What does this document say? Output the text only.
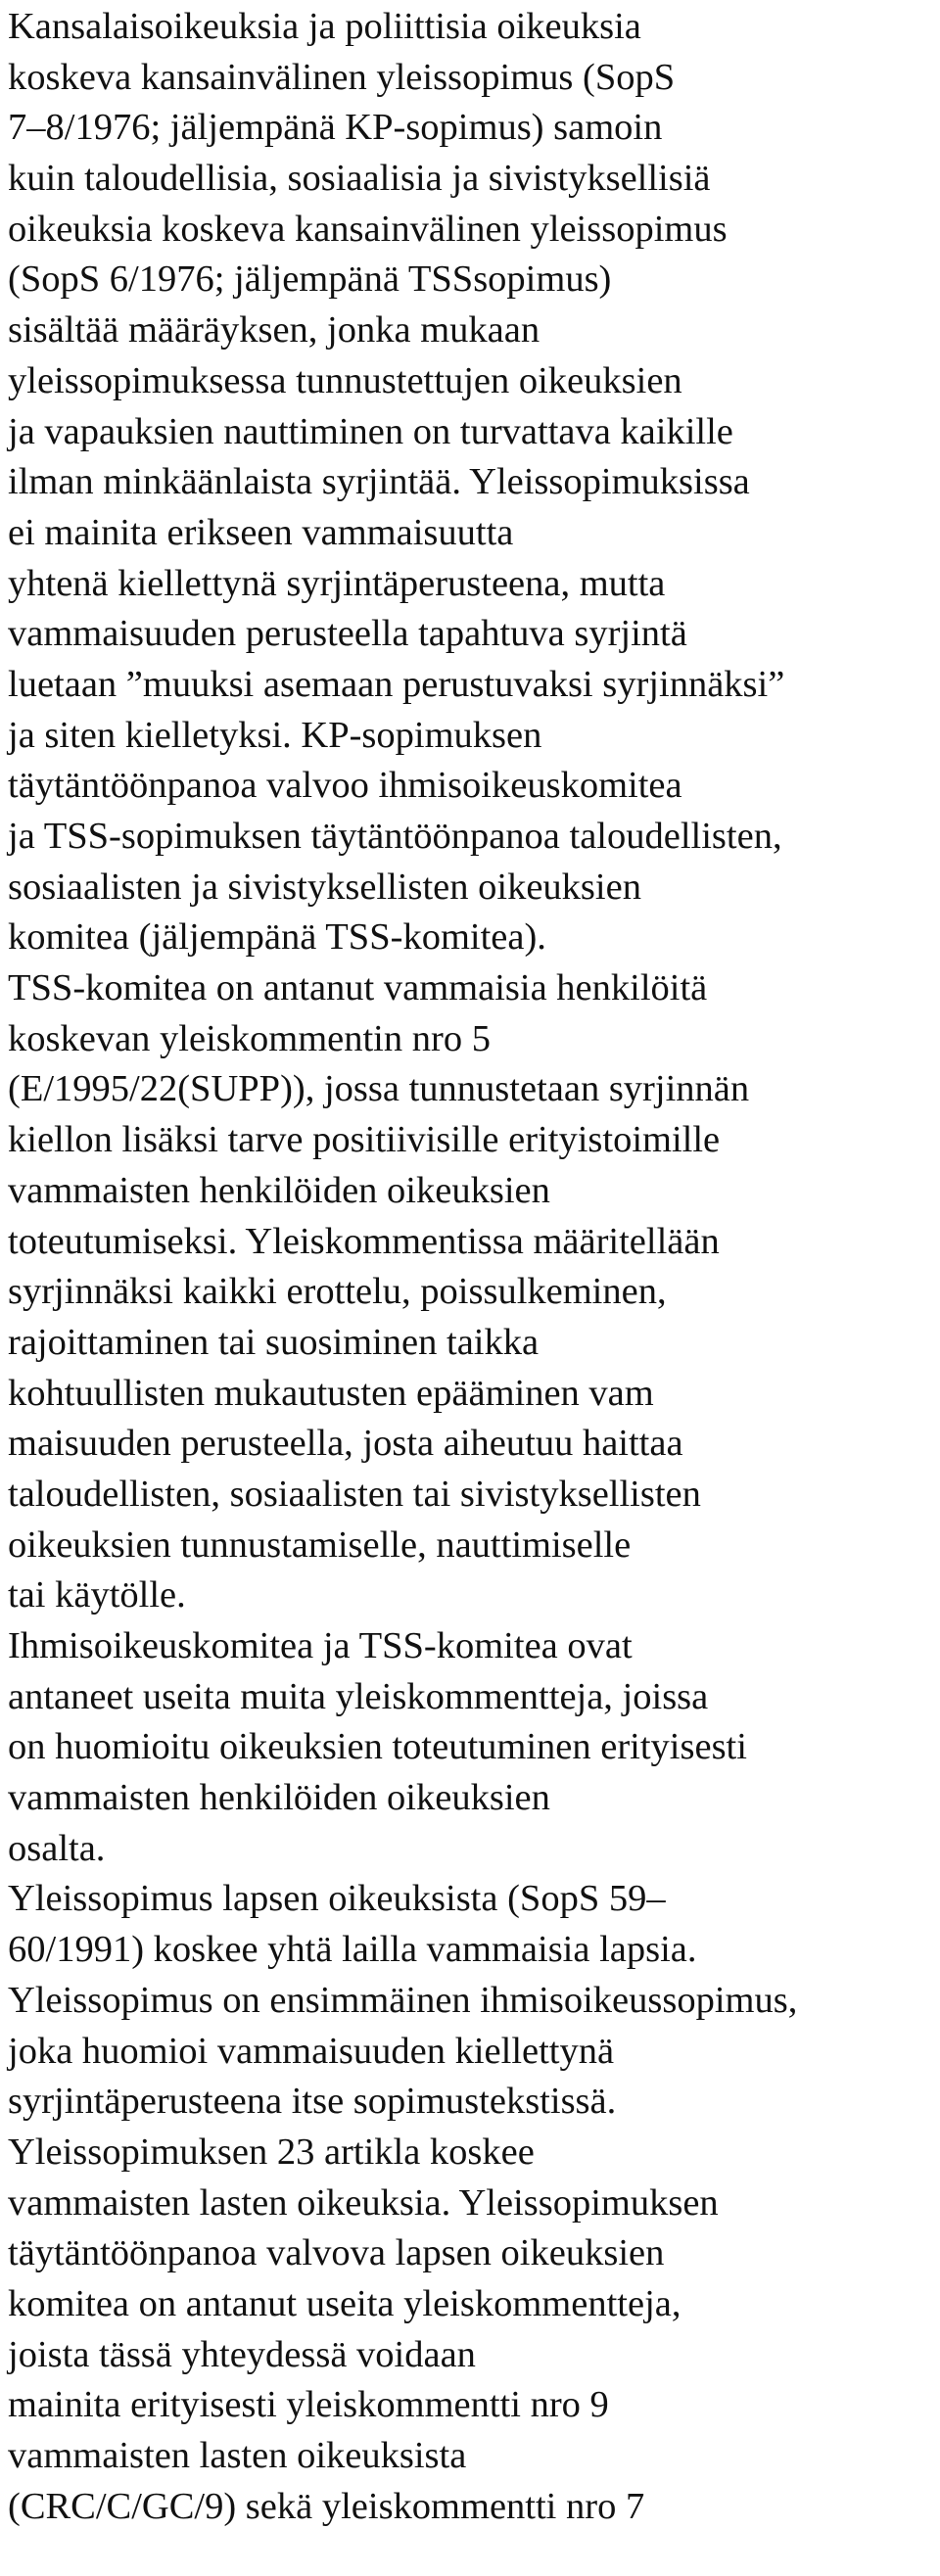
Kansalaisoikeuksia ja poliittisia oikeuksia
koskeva kansainvälinen yleissopimus (SopS
7–8/1976; jäljempänä KP-sopimus) samoin
kuin taloudellisia, sosiaalisia ja sivistyksellisiä
oikeuksia koskeva kansainvälinen yleissopimus
(SopS 6/1976; jäljempänä TSSsopimus)
sisältää määräyksen, jonka mukaan
yleissopimuksessa tunnustettujen oikeuksien
ja vapauksien nauttiminen on turvattava kaikille
ilman minkäänlaista syrjintää. Yleissopimuksissa
ei mainita erikseen vammaisuutta
yhtenä kiellettynä syrjintäperusteena, mutta
vammaisuuden perusteella tapahtuva syrjintä
luetaan ”muuksi asemaan perustuvaksi syrjinnäksi”
ja siten kielletyksi. KP-sopimuksen
täytäntöönpanoa valvoo ihmisoikeuskomitea
ja TSS-sopimuksen täytäntöönpanoa taloudellisten,
sosiaalisten ja sivistyksellisten oikeuksien
komitea (jäljempänä TSS-komitea).
TSS-komitea on antanut vammaisia henkilöitä
koskevan yleiskommentin nro 5
(E/1995/22(SUPP)), jossa tunnustetaan syrjinnän
kiellon lisäksi tarve positiivisille erityistoimille
vammaisten henkilöiden oikeuksien
toteutumiseksi. Yleiskommentissa määritellään
syrjinnäksi kaikki erottelu, poissulkeminen,
rajoittaminen tai suosiminen taikka
kohtuullisten mukautusten epääminen vam
maisuuden perusteella, josta aiheutuu haittaa
taloudellisten, sosiaalisten tai sivistyksellisten
oikeuksien tunnustamiselle, nauttimiselle
tai käytölle.
Ihmisoikeuskomitea ja TSS-komitea ovat
antaneet useita muita yleiskommentteja, joissa
on huomioitu oikeuksien toteutuminen erityisesti
vammaisten henkilöiden oikeuksien
osalta.
Yleissopimus lapsen oikeuksista (SopS 59–
60/1991) koskee yhtä lailla vammaisia lapsia.
Yleissopimus on ensimmäinen ihmisoikeussopimus,
joka huomioi vammaisuuden kiellettynä
syrjintäperusteena itse sopimustekstissä.
Yleissopimuksen 23 artikla koskee
vammaisten lasten oikeuksia. Yleissopimuksen
täytäntöönpanoa valvova lapsen oikeuksien
komitea on antanut useita yleiskommentteja,
joista tässä yhteydessä voidaan
mainita erityisesti yleiskommentti nro 9
vammaisten lasten oikeuksista
(CRC/C/GC/9) sekä yleiskommentti nro 7
